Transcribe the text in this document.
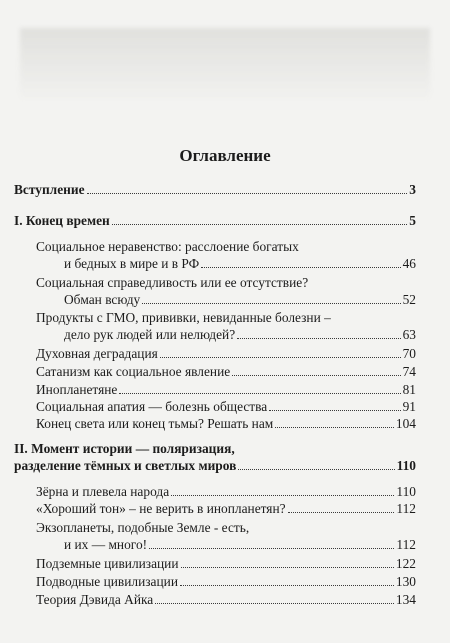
Оглавление
Вступление	3
I. Конец времен	5
Социальное неравенство: расслоение богатых
и бедных в мире и в РФ	46
Социальная справедливость или ее отсутствие?
Обман всюду	52
Продукты с ГМО, прививки, невиданные болезни –
дело рук людей или нелюдей?	63
Духовная деградация	70
Сатанизм как социальное явление	74
Инопланетяне	81
Социальная апатия — болезнь общества	91
Конец света или конец тьмы? Решать нам	104
II. Момент истории — поляризация,
разделение тёмных и светлых миров	110
Зёрна и плевела народа	110
«Хороший тон» – не верить в инопланетян?	112
Экзопланеты, подобные Земле - есть,
и их — много!	112
Подземные цивилизации	122
Подводные цивилизации	130
Теория Дэвида Айка	134
